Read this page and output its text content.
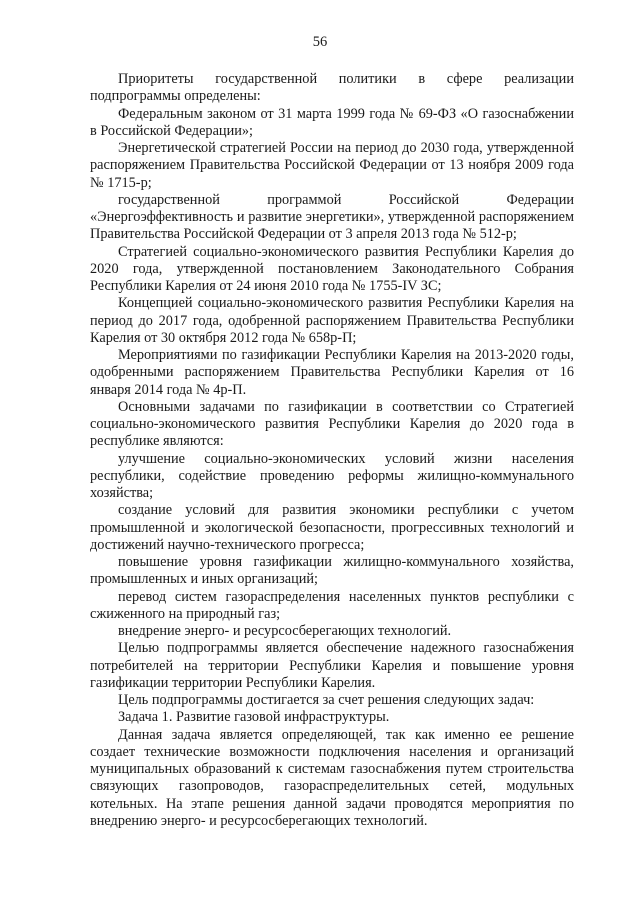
56

Приоритеты государственной политики в сфере реализации подпрограммы определены:

Федеральным законом от 31 марта 1999 года № 69-ФЗ «О газоснабжении в Российской Федерации»;

Энергетической стратегией России на период до 2030 года, утвержденной распоряжением Правительства Российской Федерации от 13 ноября 2009 года № 1715-р;

государственной программой Российской Федерации «Энергоэффективность и развитие энергетики», утвержденной распоряжением Правительства Российской Федерации от 3 апреля 2013 года № 512-р;

Стратегией социально-экономического развития Республики Карелия до 2020 года, утвержденной постановлением Законодательного Собрания Республики Карелия от 24 июня 2010 года № 1755-IV ЗС;

Концепцией социально-экономического развития Республики Карелия на период до 2017 года, одобренной распоряжением Правительства Республики Карелия от 30 октября 2012 года № 658р-П;

Мероприятиями по газификации Республики Карелия на 2013-2020 годы, одобренными распоряжением Правительства Республики Карелия от 16 января 2014 года № 4р-П.

Основными задачами по газификации в соответствии со Стратегией социально-экономического развития Республики Карелия до 2020 года в республике являются:

улучшение социально-экономических условий жизни населения республики, содействие проведению реформы жилищно-коммунального хозяйства;

создание условий для развития экономики республики с учетом промышленной и экологической безопасности, прогрессивных технологий и достижений научно-технического прогресса;

повышение уровня газификации жилищно-коммунального хозяйства, промышленных и иных организаций;

перевод систем газораспределения населенных пунктов республики с сжиженного на природный газ;

внедрение энерго- и ресурсосберегающих технологий.

Целью подпрограммы является обеспечение надежного газоснабжения потребителей на территории Республики Карелия и повышение уровня газификации территории Республики Карелия.

Цель подпрограммы достигается за счет решения следующих задач:

Задача 1. Развитие газовой инфраструктуры.

Данная задача является определяющей, так как именно ее решение создает технические возможности подключения населения и организаций муниципальных образований к системам газоснабжения путем строительства связующих газопроводов, газораспределительных сетей, модульных котельных. На этапе решения данной задачи проводятся мероприятия по внедрению энерго- и ресурсосберегающих технологий.
